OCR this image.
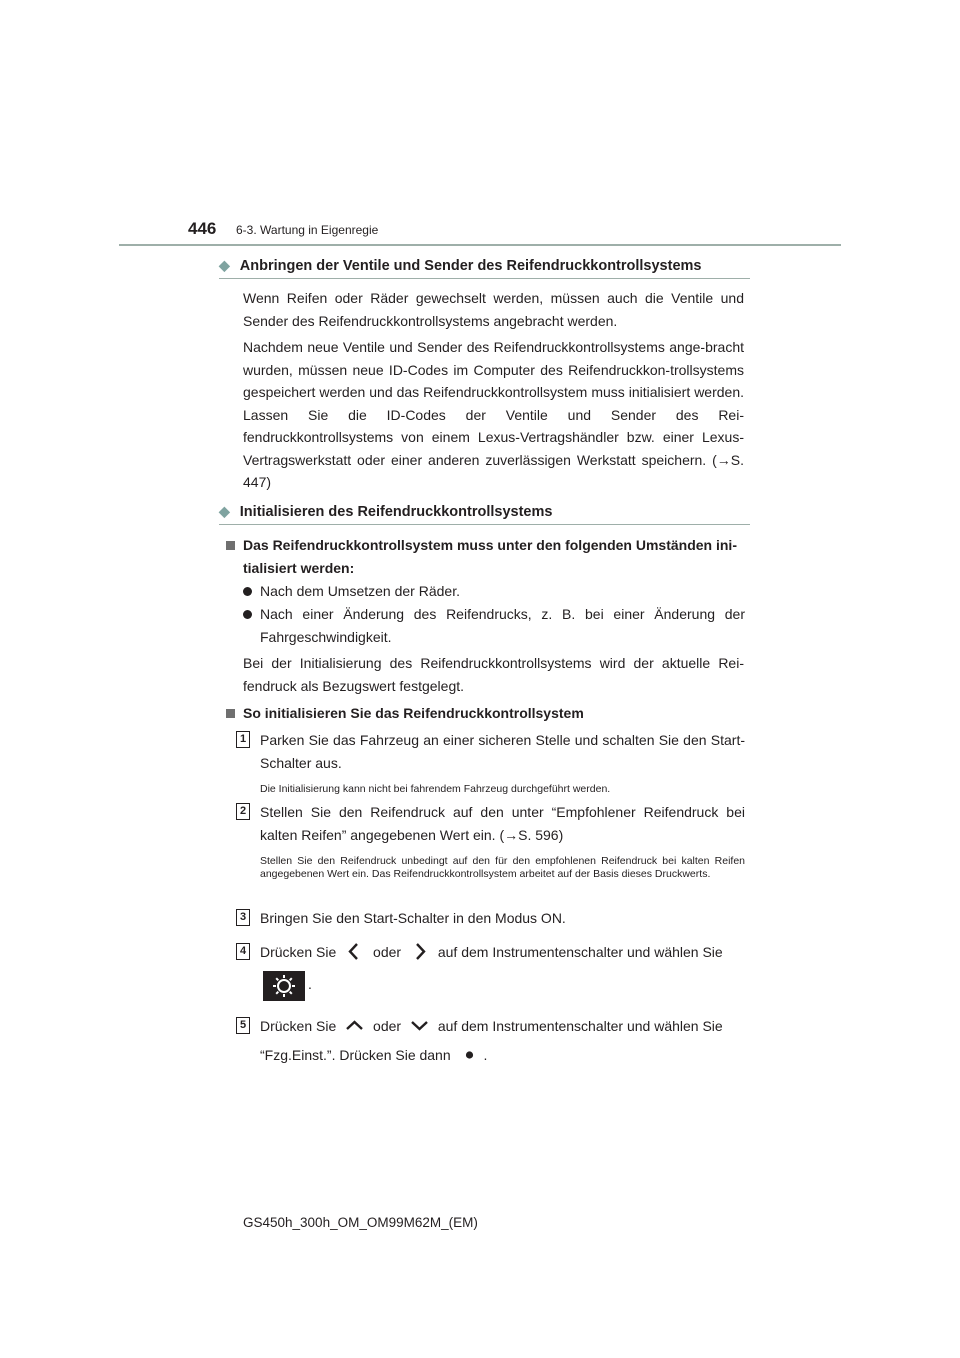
446 6-3. Wartung in Eigenregie
◆ Anbringen der Ventile und Sender des Reifendruckkontrollsystems
Wenn Reifen oder Räder gewechselt werden, müssen auch die Ventile und Sender des Reifendruckkontrollsystems angebracht werden.
Nachdem neue Ventile und Sender des Reifendruckkontrollsystems ange-bracht wurden, müssen neue ID-Codes im Computer des Reifendruckkon-trollsystems gespeichert werden und das Reifendruckkontrollsystem muss initialisiert werden. Lassen Sie die ID-Codes der Ventile und Sender des Rei-fendruckkontrollsystems von einem Lexus-Vertragshändler bzw. einer Lexus-Vertragswerkstatt oder einer anderen zuverlässigen Werkstatt speichern. (→S. 447)
◆ Initialisieren des Reifendruckkontrollsystems
Das Reifendruckkontrollsystem muss unter den folgenden Umständen ini-tialisiert werden:
Nach dem Umsetzen der Räder.
Nach einer Änderung des Reifendrucks, z. B. bei einer Änderung der Fahrgeschwindigkeit.
Bei der Initialisierung des Reifendruckkontrollsystems wird der aktuelle Rei-fendruck als Bezugswert festgelegt.
So initialisieren Sie das Reifendruckkontrollsystem
1 Parken Sie das Fahrzeug an einer sicheren Stelle und schalten Sie den Start-Schalter aus.
Die Initialisierung kann nicht bei fahrendem Fahrzeug durchgeführt werden.
2 Stellen Sie den Reifendruck auf den unter “Empfohlener Reifendruck bei kalten Reifen” angegebenen Wert ein. (→S. 596)
Stellen Sie den Reifendruck unbedingt auf den für den empfohlenen Reifendruck bei kalten Reifen angegebenen Wert ein. Das Reifendruckkontrollsystem arbeitet auf der Basis dieses Druckwerts.
3 Bringen Sie den Start-Schalter in den Modus ON.
4 Drücken Sie	oder	auf dem Instrumentenschalter und wählen Sie
.
5 Drücken Sie	oder	auf dem Instrumentenschalter und wählen Sie
“Fzg.Einst.”. Drücken Sie dann .
GS450h_300h_OM_OM99M62M_(EM)
